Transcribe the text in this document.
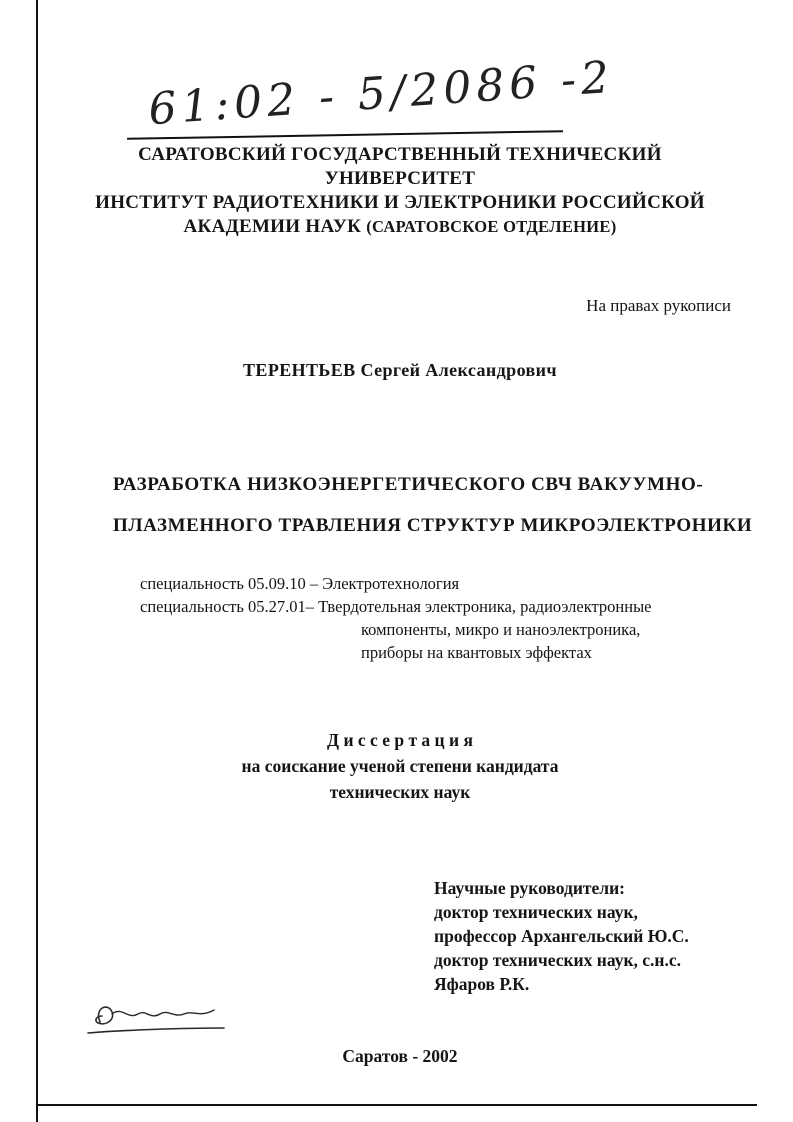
61:02 - 5/2086 -2
САРАТОВСКИЙ ГОСУДАРСТВЕННЫЙ ТЕХНИЧЕСКИЙ
УНИВЕРСИТЕТ
ИНСТИТУТ РАДИОТЕХНИКИ И ЭЛЕКТРОНИКИ РОССИЙСКОЙ
АКАДЕМИИ НАУК (САРАТОВСКОЕ ОТДЕЛЕНИЕ)
На правах рукописи
ТЕРЕНТЬЕВ Сергей Александрович
РАЗРАБОТКА НИЗКОЭНЕРГЕТИЧЕСКОГО СВЧ ВАКУУМНО-
ПЛАЗМЕННОГО ТРАВЛЕНИЯ СТРУКТУР МИКРОЭЛЕКТРОНИКИ
специальность 05.09.10 – Электротехнология
специальность 05.27.01– Твердотельная электроника, радиоэлектронные
компоненты, микро и наноэлектроника,
приборы на квантовых эффектах
Д и с с е р т а ц и я
на соискание ученой степени кандидата
технических наук
Научные руководители:
доктор технических наук,
профессор Архангельский Ю.С.
доктор технических наук, с.н.с.
Яфаров Р.К.
Саратов - 2002
